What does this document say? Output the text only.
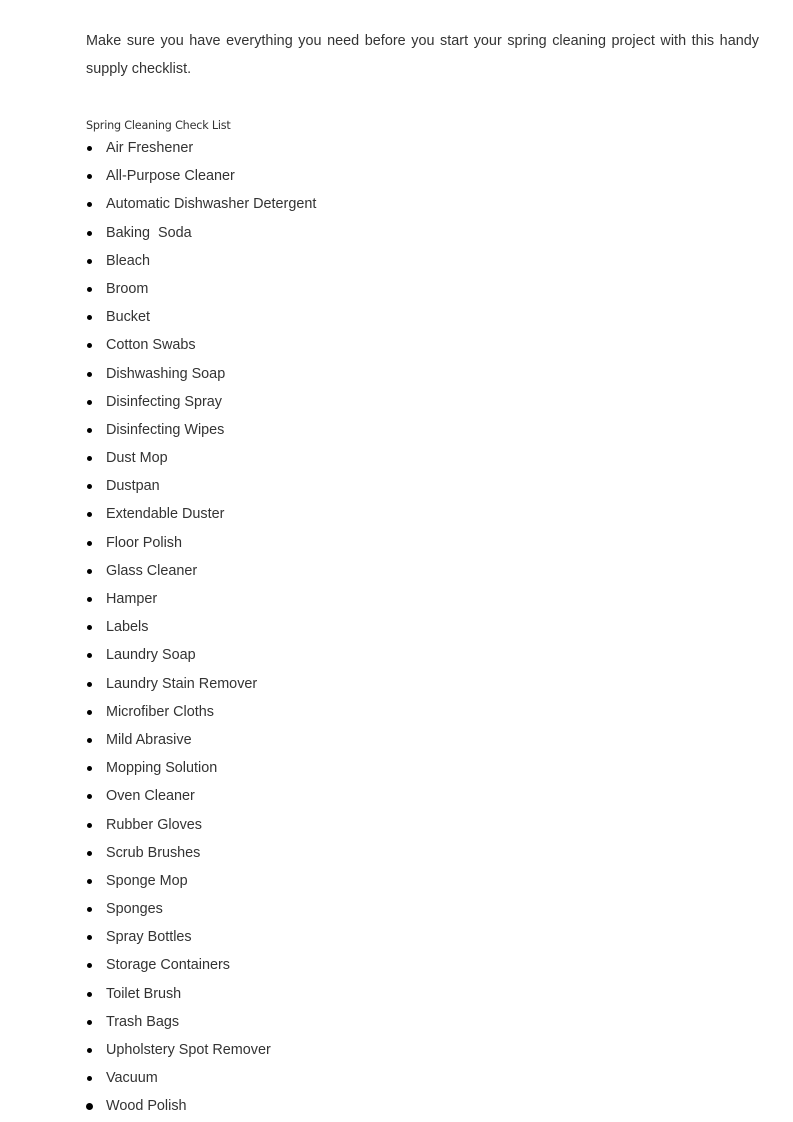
Make sure you have everything you need before you start your spring cleaning project with this handy supply checklist.

Spring Cleaning Check List
Air Freshener
All-Purpose Cleaner
Automatic Dishwasher Detergent
Baking  Soda
Bleach
Broom
Bucket
Cotton Swabs
Dishwashing Soap
Disinfecting Spray
Disinfecting Wipes
Dust Mop
Dustpan
Extendable Duster
Floor Polish
Glass Cleaner
Hamper
Labels
Laundry Soap
Laundry Stain Remover
Microfiber Cloths
Mild Abrasive
Mopping Solution
Oven Cleaner
Rubber Gloves
Scrub Brushes
Sponge Mop
Sponges
Spray Bottles
Storage Containers
Toilet Brush
Trash Bags
Upholstery Spot Remover
Vacuum
Wood Polish
